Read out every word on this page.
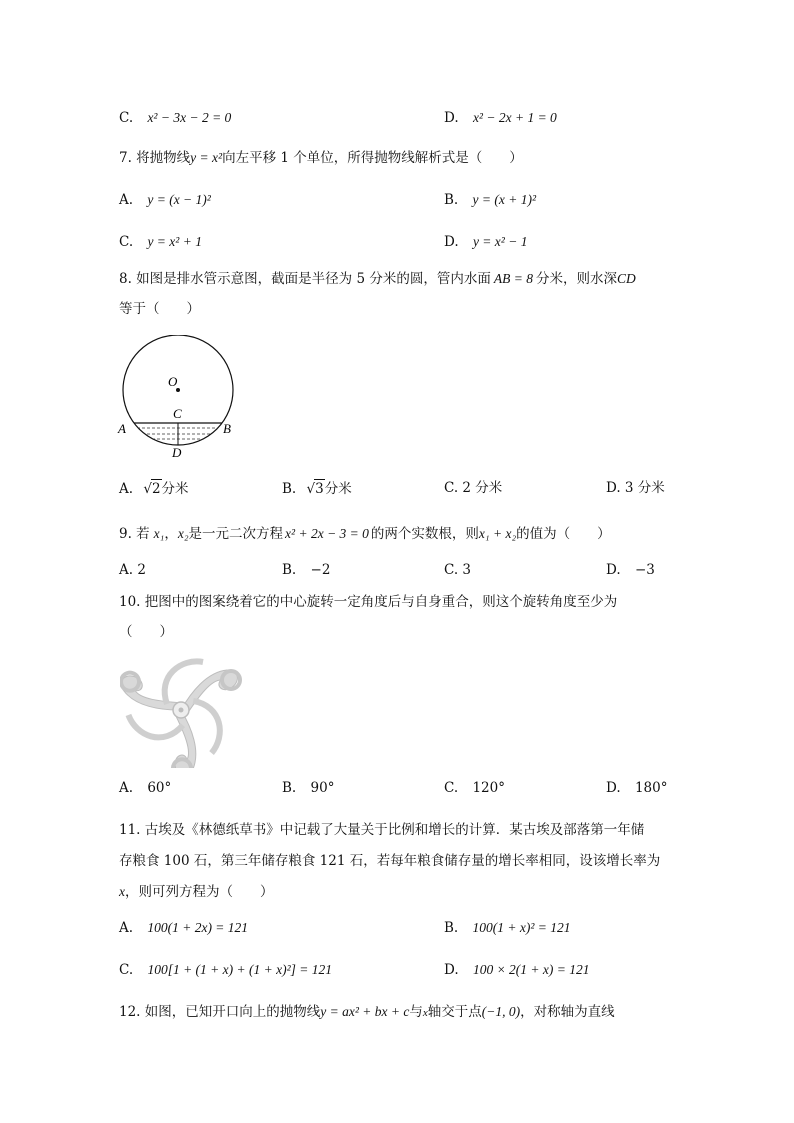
C. x² − 3x − 2 = 0	D. x² − 2x + 1 = 0
7. 将抛物线y = x²向左平移 1 个单位，所得抛物线解析式是（　　）
A. y = (x − 1)²	B. y = (x + 1)²
C. y = x² + 1	D. y = x² − 1
8. 如图是排水管示意图，截面是半径为 5 分米的圆，管内水面 AB = 8 分米，则水深CD
等于（　　）
O
C
A	B
D
A. √2分米	B. √3分米	C. 2 分米	D. 3 分米
9. 若 x₁，x₂是一元二次方程 x² + 2x − 3 = 0 的两个实数根，则x₁ + x₂的值为（　　）
A. 2	B. −2	C. 3	D. −3
10. 把图中的图案绕着它的中心旋转一定角度后与自身重合，则这个旋转角度至少为
（　　）
A. 60°	B. 90°	C. 120°	D. 180°
11. 古埃及《林德纸草书》中记载了大量关于比例和增长的计算．某古埃及部落第一年储
存粮食 100 石，第三年储存粮食 121 石，若每年粮食储存量的增长率相同，设该增长率为
x，则可列方程为（　　）
A. 100(1 + 2x) = 121	B. 100(1 + x)² = 121
C. 100[1 + (1 + x) + (1 + x)²] = 121	D. 100 × 2(1 + x) = 121
12. 如图，已知开口向上的抛物线y = ax² + bx + c与x轴交于点(−1, 0)，对称轴为直线
